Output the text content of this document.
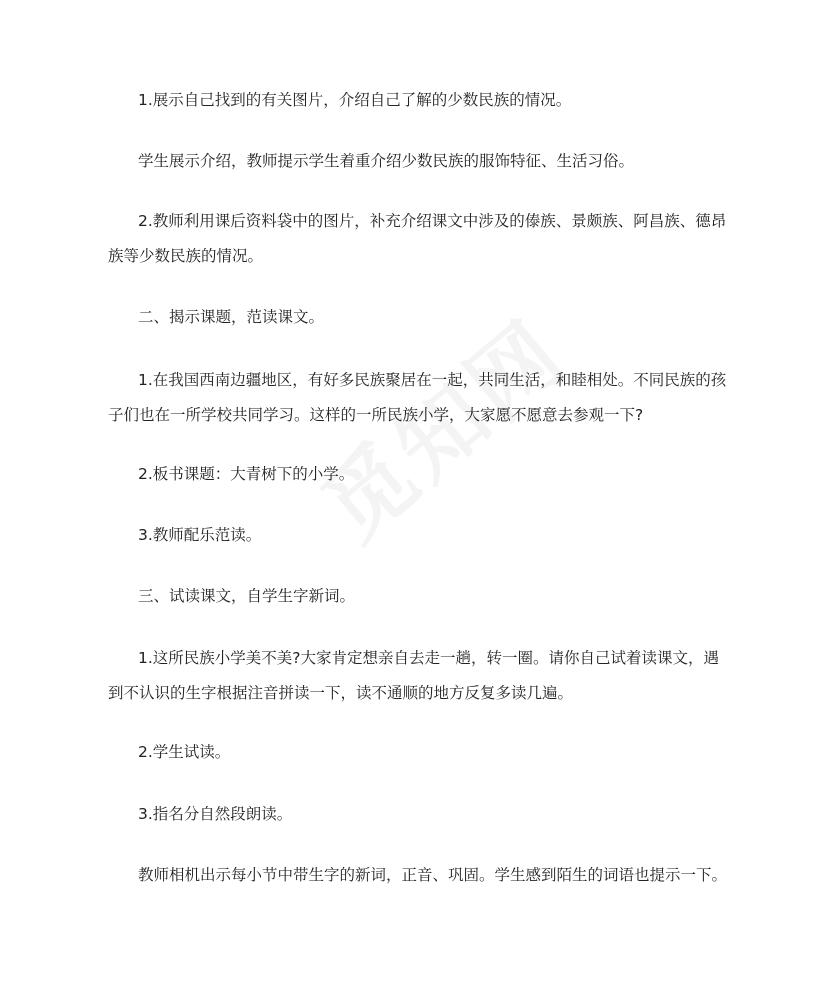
1.展示自己找到的有关图片，介绍自己了解的少数民族的情况。
学生展示介绍，教师提示学生着重介绍少数民族的服饰特征、生活习俗。
2.教师利用课后资料袋中的图片，补充介绍课文中涉及的傣族、景颇族、阿昌族、德昂
族等少数民族的情况。
二、揭示课题，范读课文。
1.在我国西南边疆地区，有好多民族聚居在一起，共同生活，和睦相处。不同民族的孩
子们也在一所学校共同学习。这样的一所民族小学，大家愿不愿意去参观一下?
2.板书课题：大青树下的小学。
3.教师配乐范读。
三、试读课文，自学生字新词。
1.这所民族小学美不美?大家肯定想亲自去走一趟，转一圈。请你自己试着读课文，遇
到不认识的生字根据注音拼读一下，读不通顺的地方反复多读几遍。
2.学生试读。
3.指名分自然段朗读。
教师相机出示每小节中带生字的新词，正音、巩固。学生感到陌生的词语也提示一下。
